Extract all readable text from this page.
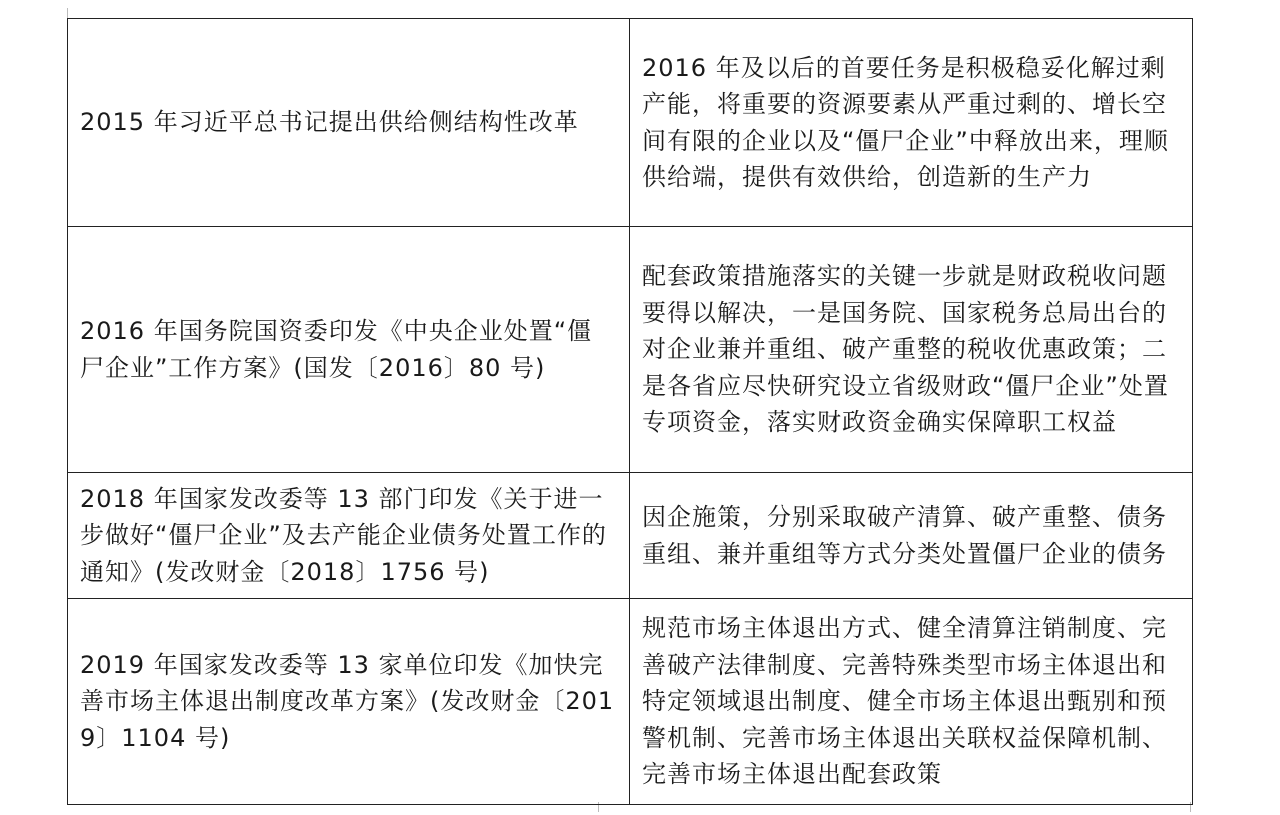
2015 年习近平总书记提出供给侧结构性改革	2016 年及以后的首要任务是积极稳妥化解过剩产能，将重要的资源要素从严重过剩的、增长空间有限的企业以及“僵尸企业”中释放出来，理顺供给端，提供有效供给，创造新的生产力
2016 年国务院国资委印发《中央企业处置“僵尸企业”工作方案》(国发〔2016〕80 号)	配套政策措施落实的关键一步就是财政税收问题要得以解决，一是国务院、国家税务总局出台的对企业兼并重组、破产重整的税收优惠政策；二是各省应尽快研究设立省级财政“僵尸企业”处置专项资金，落实财政资金确实保障职工权益
2018 年国家发改委等 13 部门印发《关于进一步做好“僵尸企业”及去产能企业债务处置工作的通知》(发改财金〔2018〕1756 号)	因企施策，分别采取破产清算、破产重整、债务重组、兼并重组等方式分类处置僵尸企业的债务
2019 年国家发改委等 13 家单位印发《加快完善市场主体退出制度改革方案》(发改财金〔2019〕1104 号)	规范市场主体退出方式、健全清算注销制度、完善破产法律制度、完善特殊类型市场主体退出和特定领域退出制度、健全市场主体退出甄别和预警机制、完善市场主体退出关联权益保障机制、完善市场主体退出配套政策
